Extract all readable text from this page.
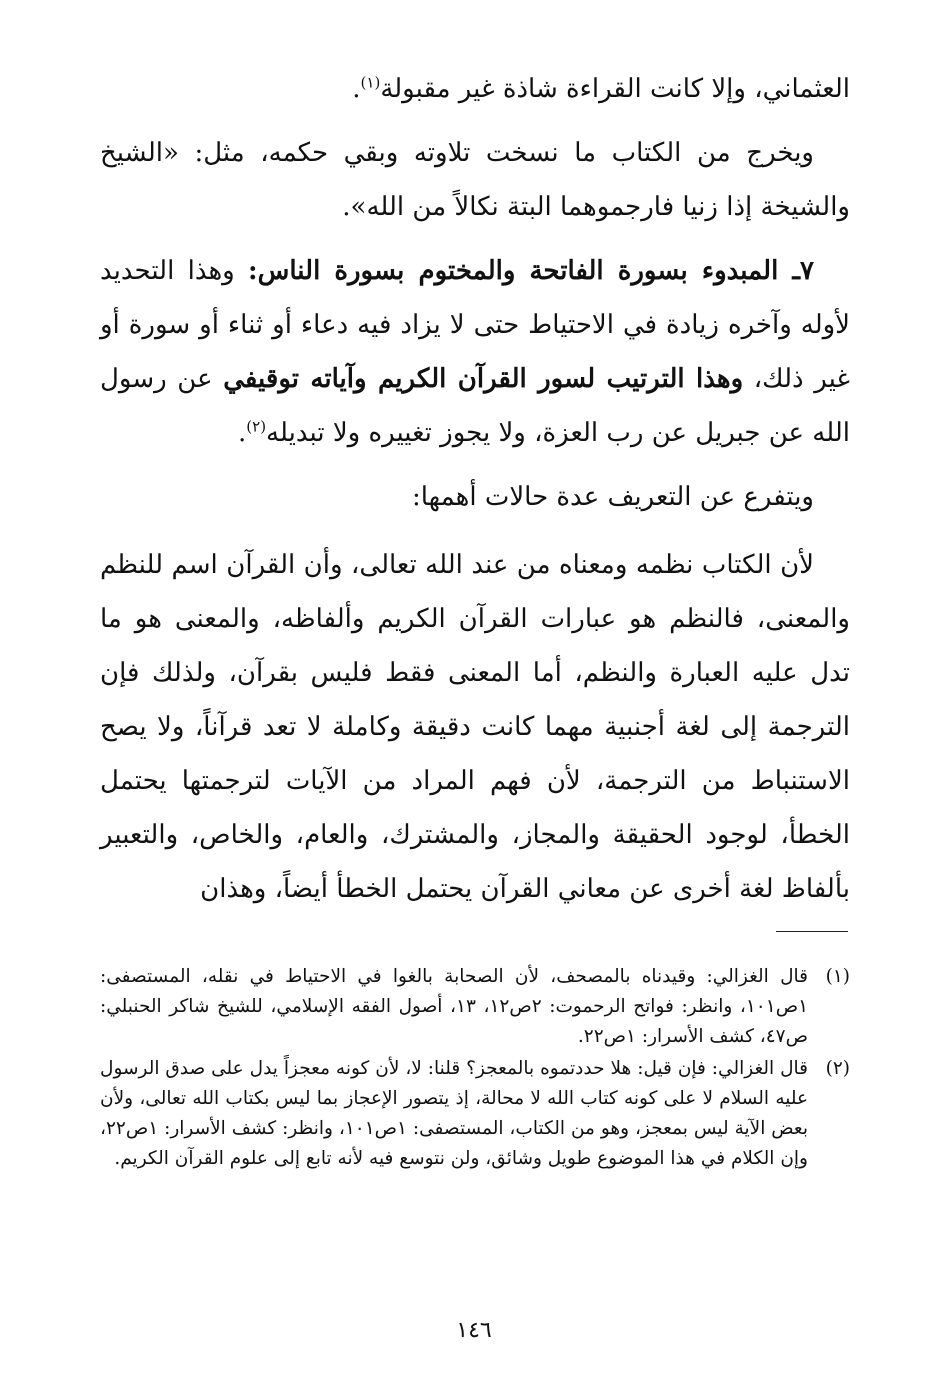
العثماني، وإلا كانت القراءة شاذة غير مقبولة$^{(١)}$.

ويخرج من الكتاب ما نسخت تلاوته وبقي حكمه، مثل: «الشيخ والشيخة إذا زنيا فارجموهما البتة نكالاً من الله».

٧ـ المبدوء بسورة الفاتحة والمختوم بسورة الناس: وهذا التحديد لأوله وآخره زيادة في الاحتياط حتى لا يزاد فيه دعاء أو ثناء أو سورة أو غير ذلك، وهذا الترتيب لسور القرآن الكريم وآياته توقيفي عن رسول الله عن جبريل عن رب العزة، ولا يجوز تغييره ولا تبديله$^{(٢)}$.

ويتفرع عن التعريف عدة حالات أهمها:

لأن الكتاب نظمه ومعناه من عند الله تعالى، وأن القرآن اسم للنظم والمعنى، فالنظم هو عبارات القرآن الكريم وألفاظه، والمعنى هو ما تدل عليه العبارة والنظم، أما المعنى فقط فليس بقرآن، ولذلك فإن الترجمة إلى لغة أجنبية مهما كانت دقيقة وكاملة لا تعد قرآناً، ولا يصح الاستنباط من الترجمة، لأن فهم المراد من الآيات لترجمتها يحتمل الخطأ، لوجود الحقيقة والمجاز، والمشترك، والعام، والخاص، والتعبير بألفاظ لغة أخرى عن معاني القرآن يحتمل الخطأ أيضاً، وهذان

(١)
قال الغزالي: وقيدناه بالمصحف، لأن الصحابة بالغوا في الاحتياط في نقله، المستصفى: ١ص١٠١، وانظر: فواتح الرحموت: ٢ص١٢، ١٣، أصول الفقه الإسلامي، للشيخ شاكر الحنبلي: ص٤٧، كشف الأسرار: ١ص٢٢.
(٢)
قال الغزالي: فإن قيل: هلا حددتموه بالمعجز؟ قلنا: لا، لأن كونه معجزاً يدل على صدق الرسول عليه السلام لا على كونه كتاب الله لا محالة، إذ يتصور الإعجاز بما ليس بكتاب الله تعالى، ولأن بعض الآية ليس بمعجز، وهو من الكتاب، المستصفى: ١ص١٠١، وانظر: كشف الأسرار: ١ص٢٢، وإن الكلام في هذا الموضوع طويل وشائق، ولن نتوسع فيه لأنه تابع إلى علوم القرآن الكريم.
١٤٦
